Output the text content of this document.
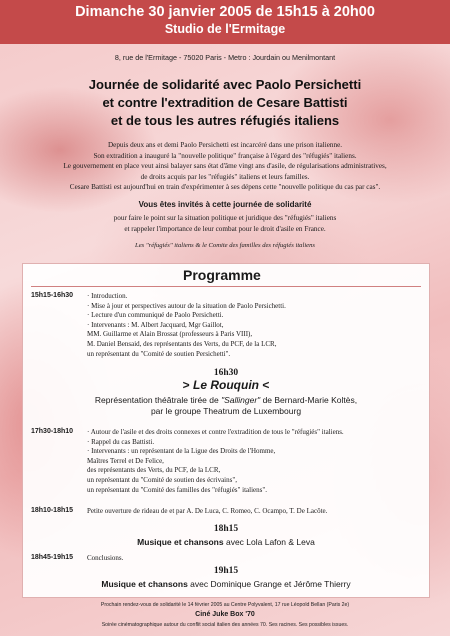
Dimanche 30 janvier 2005 de 15h15 à 20h00
Studio de l'Ermitage
8, rue de l'Ermitage - 75020 Paris - Metro : Jourdain ou Menilmontant
Journée de solidarité avec Paolo Persichetti
et contre l'extradition de Cesare Battisti
et de tous les autres réfugiés italiens
Depuis deux ans et demi Paolo Persichetti est incarcéré dans une prison italienne.
Son extradition a inauguré la "nouvelle politique" française à l'égard des "réfugiés" italiens.
Le gouvernement en place veut ainsi balayer sans état d'âme vingt ans d'asile, de régularisations administratives,
de droits acquis par les "réfugiés" italiens et leurs familles.
Cesare Battisti est aujourd'hui en train d'expérimenter à ses dépens cette "nouvelle politique du cas par cas".
Vous êtes invités à cette journée de solidarité
pour faire le point sur la situation politique et juridique des "réfugiés" italiens
et rappeler l'importance de leur combat pour le droit d'asile en France.
Les "réfugiés" italiens & le Comite des familles des réfugiés italiens
Programme
15h15-16h30 · Introduction.
· Mise à jour et perspectives autour de la situation de Paolo Persichetti.
· Lecture d'un communiqué de Paolo Persichetti.
· Intervenants : M. Albert Jacquard, Mgr Gaillot,
MM. Guillarme et Alain Brossat (professeurs à Paris VIII),
M. Daniel Bensaid, des représentants des Verts, du PCF, de la LCR,
un représentant du "Comité de soutien Persichetti".
16h30
> Le Rouquin <
Représentation théâtrale tirée de "Sallinger" de Bernard-Marie Koltès,
par le groupe Theatrum de Luxembourg
17h30-18h10 · Autour de l'asile et des droits connexes et contre l'extradition de tous le "réfugiés" italiens.
· Rappel du cas Battisti.
· Intervenants : un représentant de la Ligue des Droits de l'Homme,
Maîtres Terrel et De Felice,
des représentants des Verts, du PCF, de la LCR,
un représentant du "Comité de soutien des écrivains",
un représentant du "Comité des familles des "réfugiés" italiens".
18h10-18h15 Petite ouverture de rideau de et par A. De Luca, C. Romeo, C. Ocampo, T. De Lacôte.
18h15
Musique et chansons avec Lola Lafon & Leva
18h45-19h15 Conclusions.
19h15
Musique et chansons avec Dominique Grange et Jérôme Thierry
Prochain rendez-vous de solidarité le 14 février 2005 au Centre Polyvalent, 17 rue Léopold Bellan (Paris 2e)
Ciné Juke Box '70
Soirée cinématographique autour du conflit social italien des années 70. Ses racines. Ses possibles issues.
